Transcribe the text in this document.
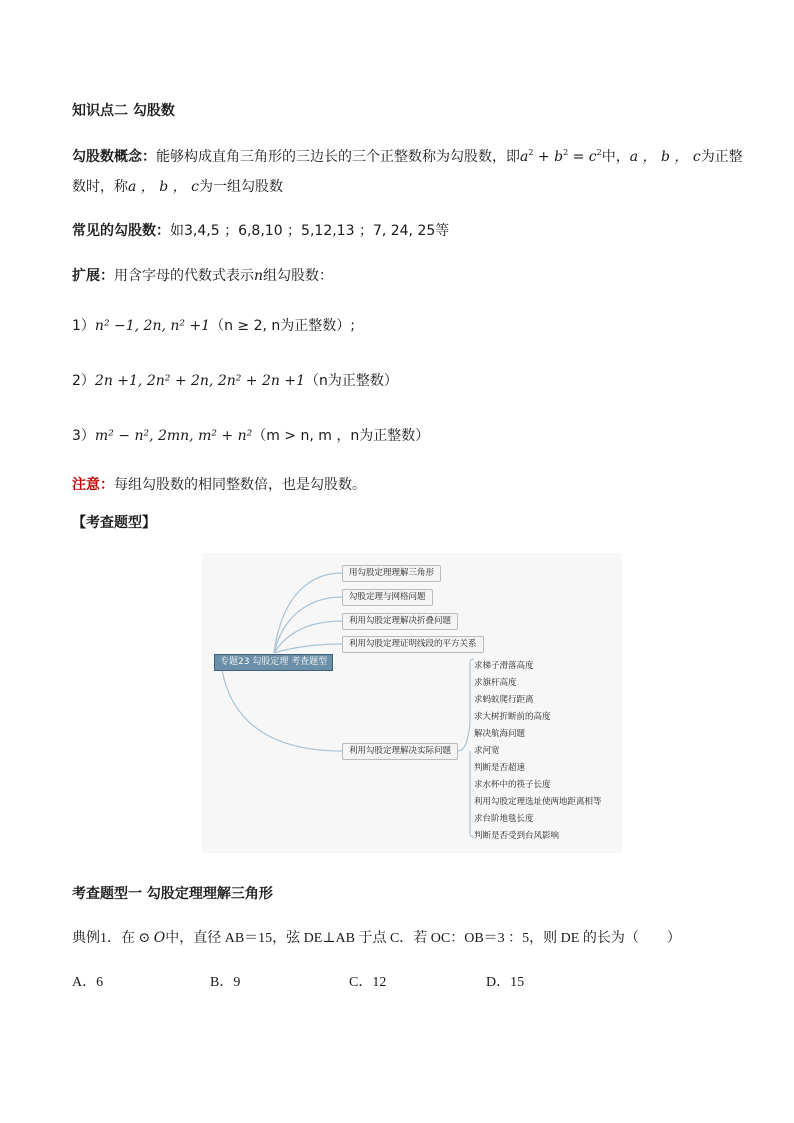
知识点二 勾股数
勾股数概念：能够构成直角三角形的三边长的三个正整数称为勾股数，即$a^2 + b^2 = c^2$中，a ， b ， c为正整
数时，称a ， b ， c为一组勾股数
常见的勾股数：如3,4,5 ；6,8,10 ；5,12,13 ；7, 24, 25等
扩展：用含字母的代数式表示n组勾股数：
1）n² −1, 2n, n² +1（n ≥ 2, n为正整数）;
2）2n +1, 2n² + 2n, 2n² + 2n +1（n为正整数）
3）m² − n², 2mn, m² + n²（m > n, m ，n为正整数）
注意：每组勾股数的相同整数倍，也是勾股数。
【考查题型】
专题23 勾股定理 考查题型
用勾股定理理解三角形
勾股定理与网格问题
利用勾股定理解决折叠问题
利用勾股定理证明线段的平方关系
利用勾股定理解决实际问题
求梯子滑落高度
求旗杆高度
求蚂蚁爬行距离
求大树折断前的高度
解决航海问题
求河宽
判断是否超速
求水杯中的筷子长度
利用勾股定理选址使两地距离相等
求台阶地毯长度
判断是否受到台风影响
考查题型一 勾股定理理解三角形
典例1．在 ⊙ O中，直径 AB＝15，弦 DE⊥AB 于点 C．若 OC：OB＝3 ：5，则 DE 的长为（　　）
A．6	B．9	C．12	D．15
